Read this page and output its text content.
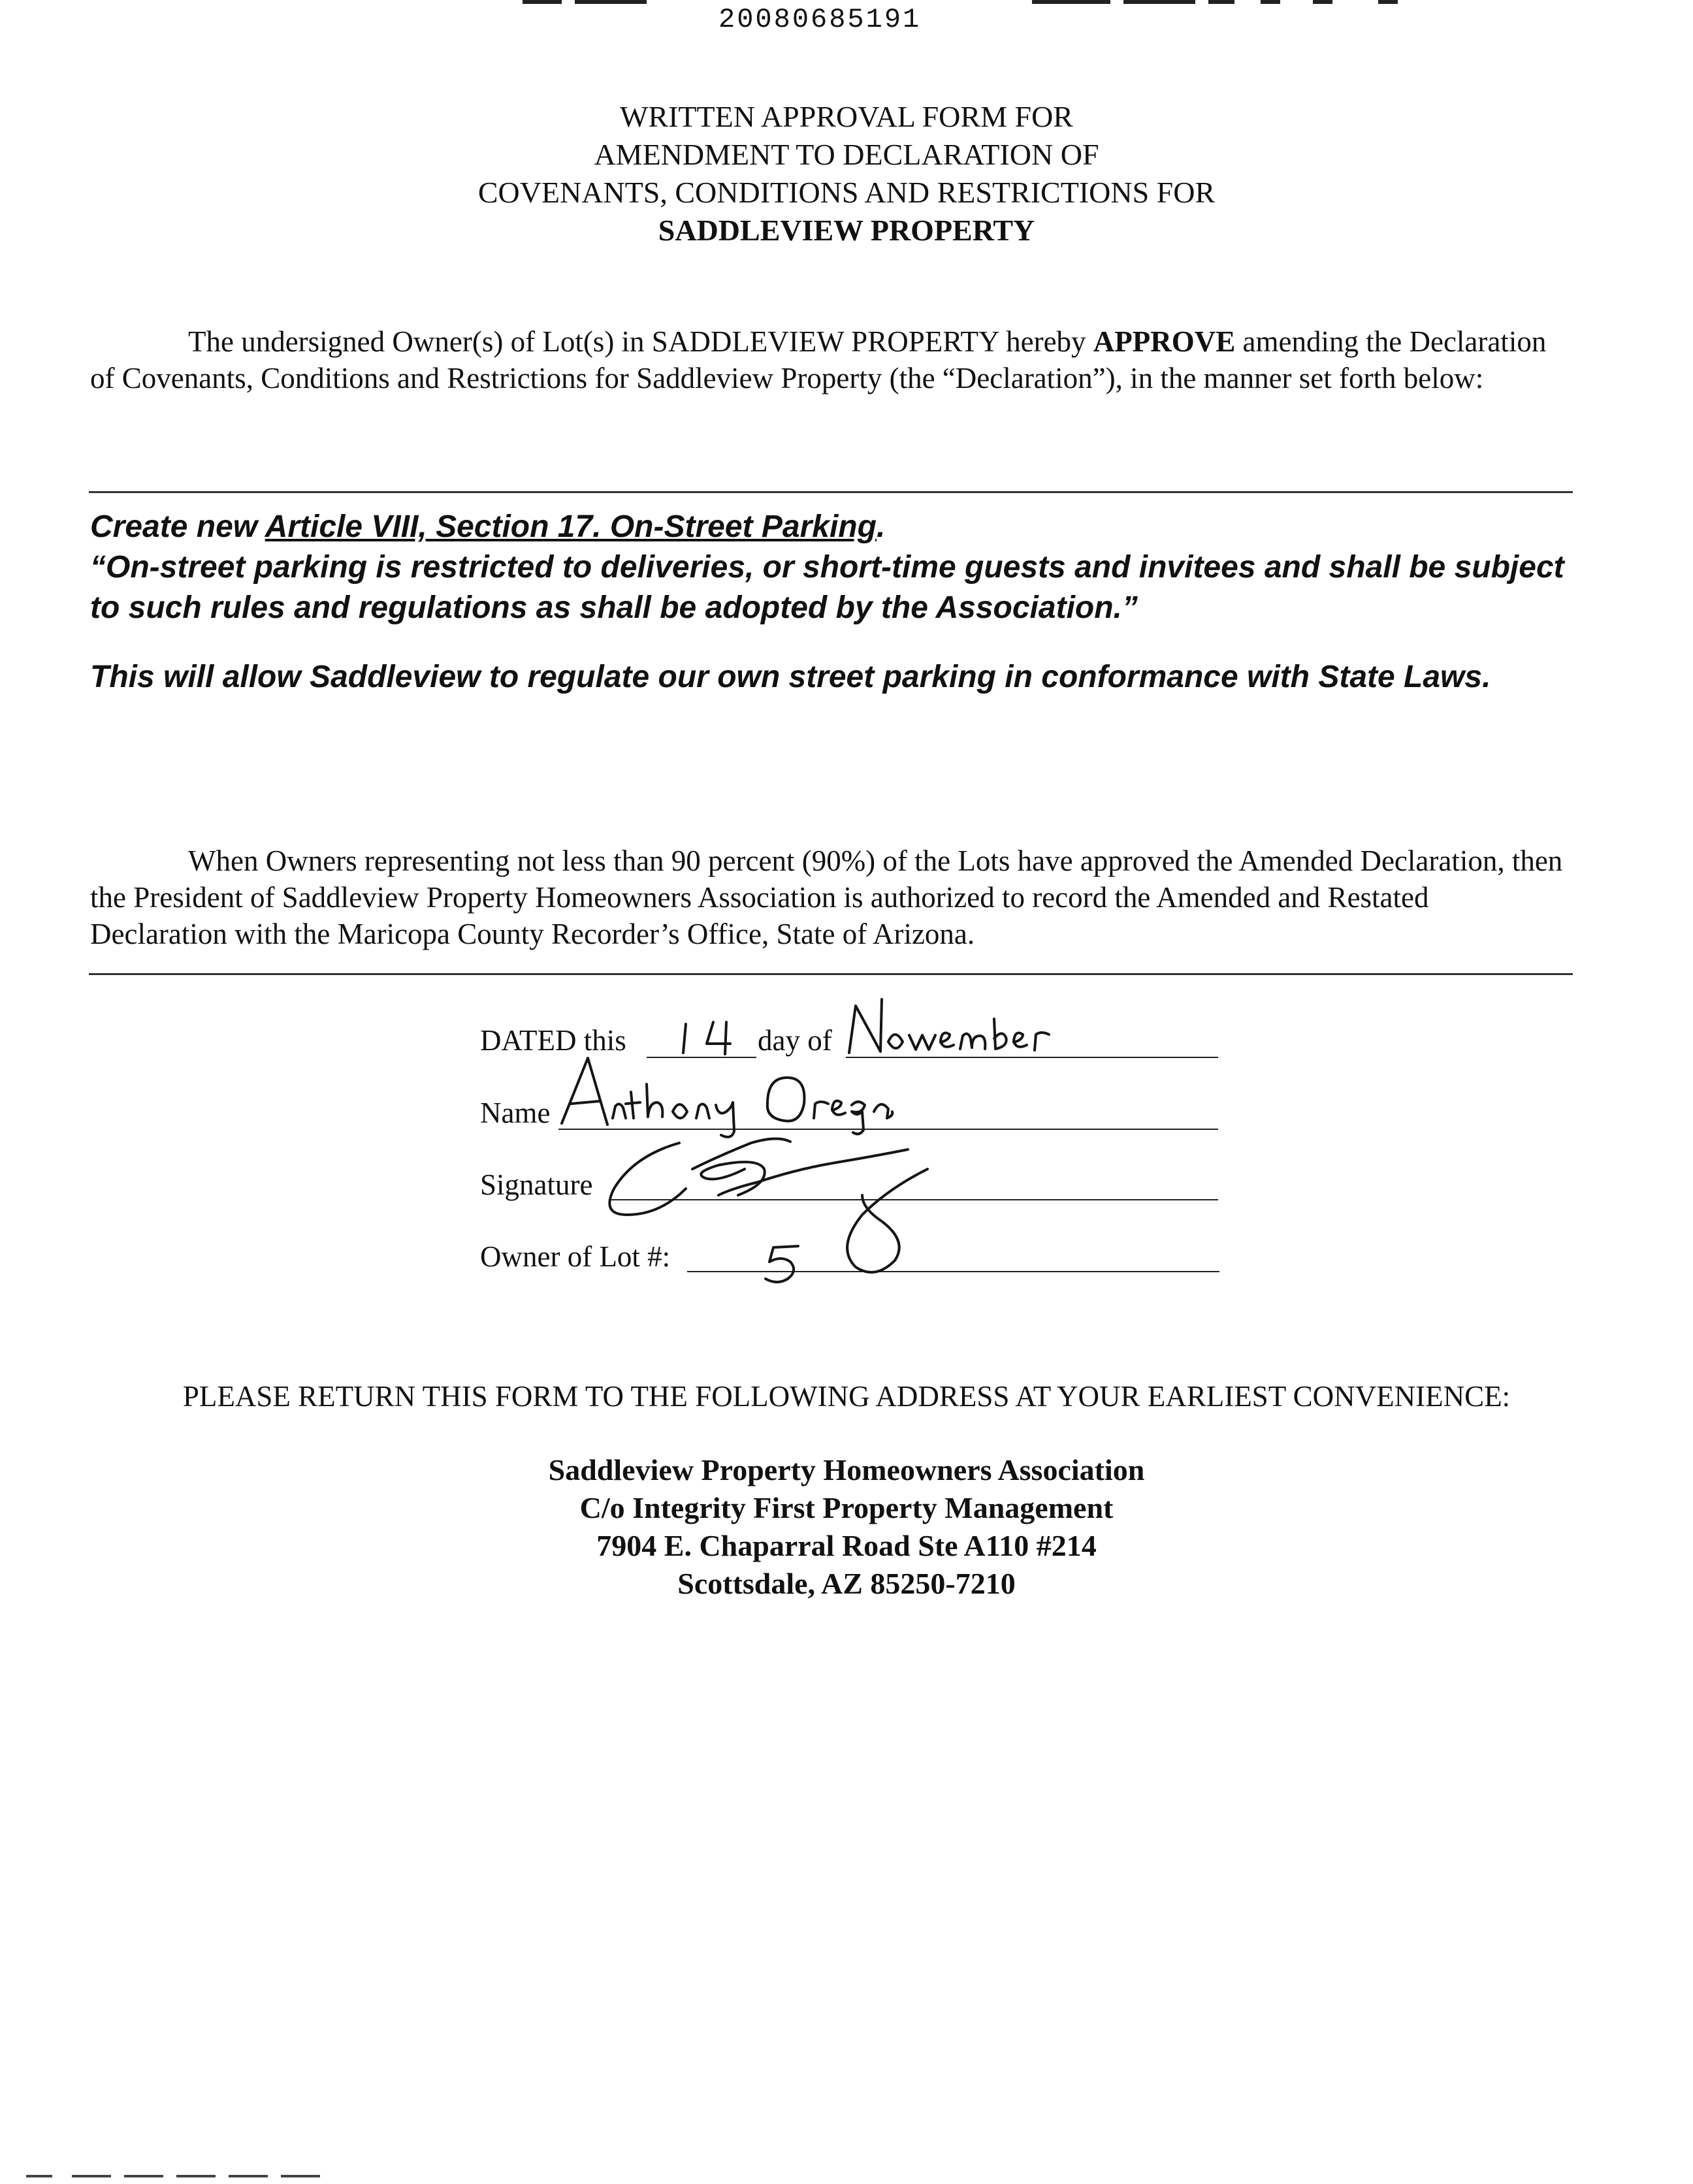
20080685191
WRITTEN APPROVAL FORM FOR
AMENDMENT TO DECLARATION OF
COVENANTS, CONDITIONS AND RESTRICTIONS FOR
SADDLEVIEW PROPERTY
The undersigned Owner(s) of Lot(s) in SADDLEVIEW PROPERTY hereby APPROVE amending the Declaration of Covenants, Conditions and Restrictions for Saddleview Property (the “Declaration”), in the manner set forth below:
Create new Article VIII, Section 17. On-Street Parking.
“On-street parking is restricted to deliveries, or short-time guests and invitees and shall be subject to such rules and regulations as shall be adopted by the Association.”
This will allow Saddleview to regulate our own street parking in conformance with State Laws.
When Owners representing not less than 90 percent (90%) of the Lots have approved the Amended Declaration, then the President of Saddleview Property Homeowners Association is authorized to record the Amended and Restated Declaration with the Maricopa County Recorder’s Office, State of Arizona.
DATED this	day of
Name
Signature
Owner of Lot #:
PLEASE RETURN THIS FORM TO THE FOLLOWING ADDRESS AT YOUR EARLIEST CONVENIENCE:
Saddleview Property Homeowners Association
C/o Integrity First Property Management
7904 E. Chaparral Road Ste A110 #214
Scottsdale, AZ 85250-7210
